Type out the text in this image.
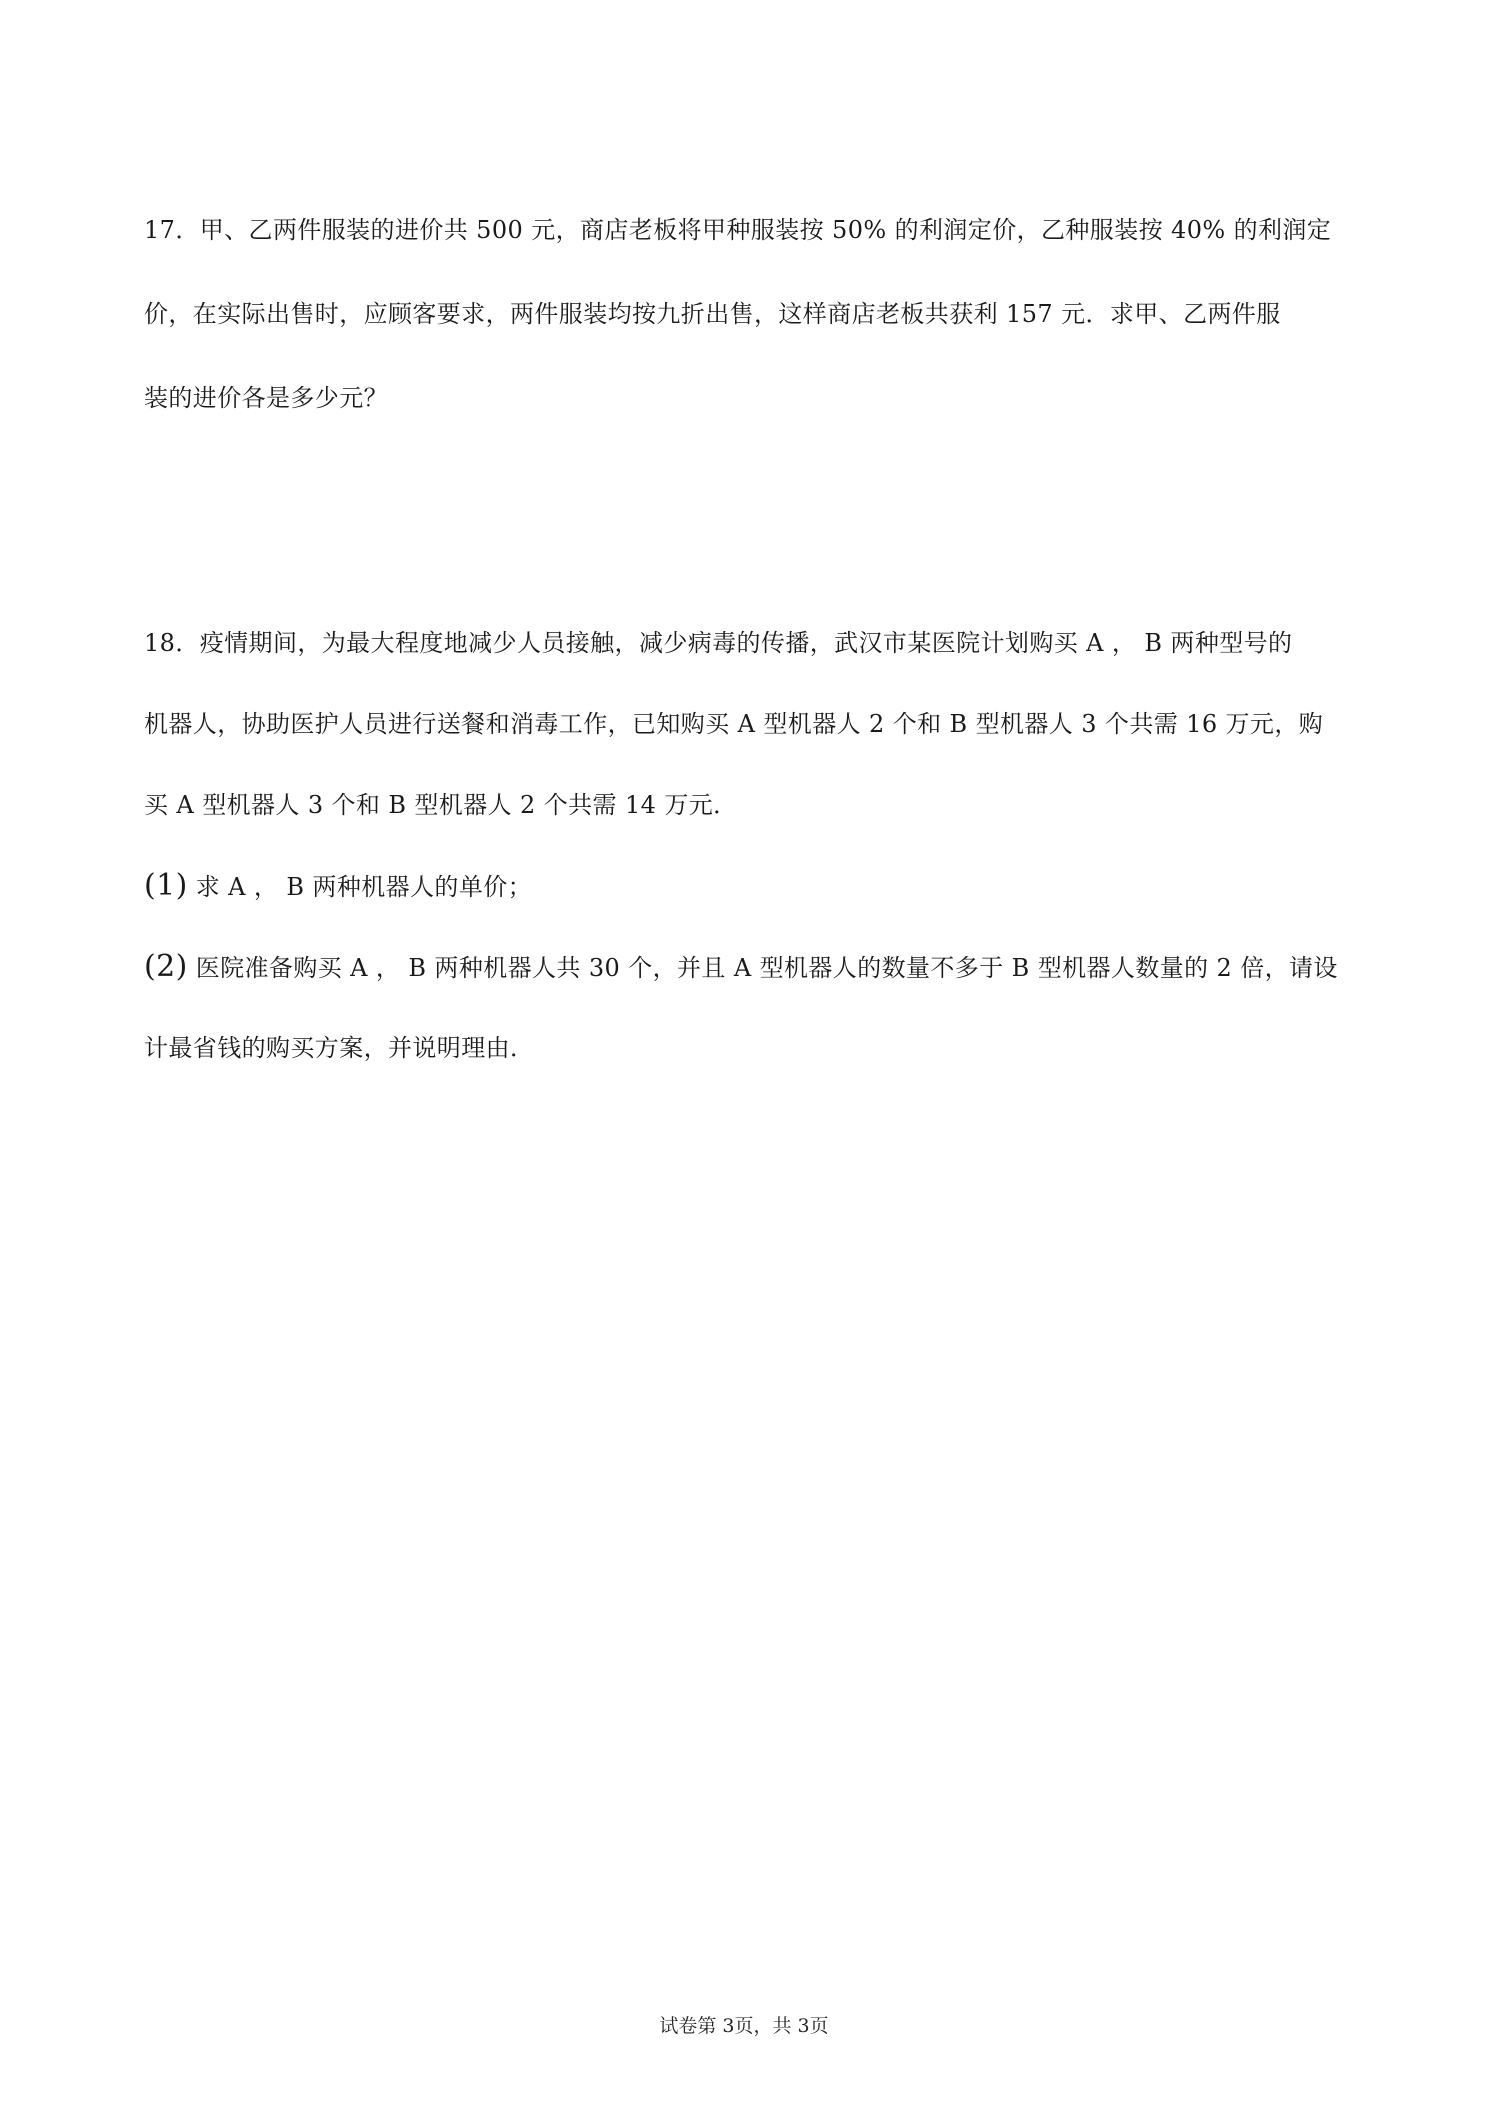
17．甲、乙两件服装的进价共 500 元，商店老板将甲种服装按 50% 的利润定价，乙种服装按 40% 的利润定
价，在实际出售时，应顾客要求，两件服装均按九折出售，这样商店老板共获利 157 元．求甲、乙两件服
装的进价各是多少元？
18．疫情期间，为最大程度地减少人员接触，减少病毒的传播，武汉市某医院计划购买 A ， B 两种型号的
机器人，协助医护人员进行送餐和消毒工作，已知购买 A 型机器人 2 个和 B 型机器人 3 个共需 16 万元，购
买 A 型机器人 3 个和 B 型机器人 2 个共需 14 万元．
(1) 求 A ， B 两种机器人的单价；
(2) 医院准备购买 A ， B 两种机器人共 30 个，并且 A 型机器人的数量不多于 B 型机器人数量的 2 倍，请设
计最省钱的购买方案，并说明理由．
试卷第 3页，共 3页
